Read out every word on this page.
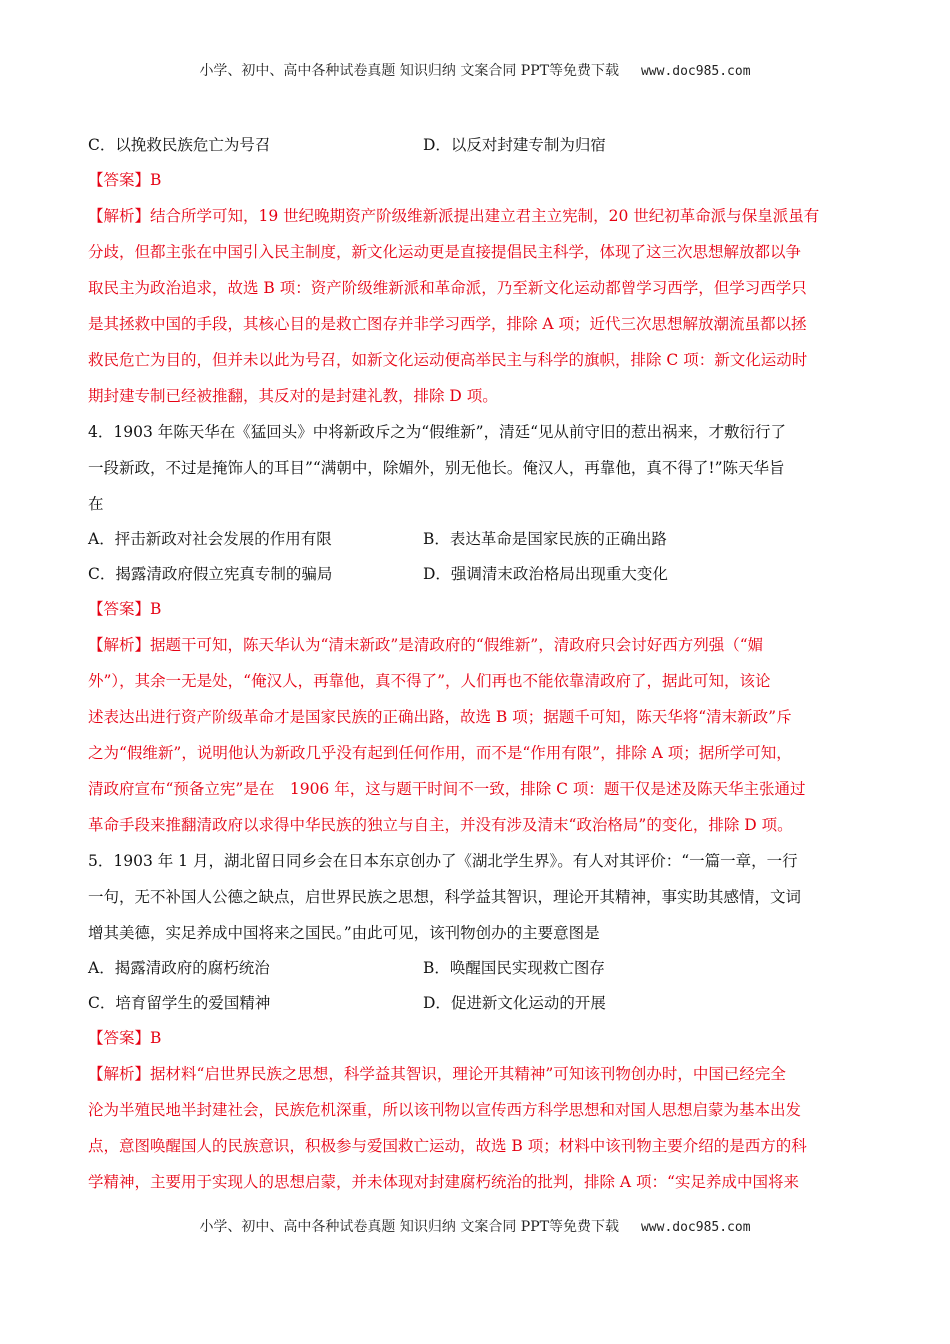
小学、初中、高中各种试卷真题 知识归纳 文案合同 PPT等免费下载 www.doc985.com
C．以挽救民族危亡为号召	D．以反对封建专制为归宿
【答案】B
【解析】结合所学可知，19 世纪晚期资产阶级维新派提出建立君主立宪制，20 世纪初革命派与保皇派虽有
分歧，但都主张在中国引入民主制度，新文化运动更是直接提倡民主科学，体现了这三次思想解放都以争
取民主为政治追求，故选 B 项：资产阶级维新派和革命派，乃至新文化运动都曾学习西学，但学习西学只
是其拯救中国的手段，其核心目的是救亡图存并非学习西学，排除 A 项；近代三次思想解放潮流虽都以拯
救民危亡为目的，但并未以此为号召，如新文化运动便高举民主与科学的旗帜，排除 C 项：新文化运动时
期封建专制已经被推翻，其反对的是封建礼教，排除 D 项。
4．1903 年陈天华在《猛回头》中将新政斥之为“假维新”，清廷“见从前守旧的惹出祸来，才敷衍行了
一段新政，不过是掩饰人的耳目”“满朝中，除媚外，别无他长。俺汉人，再靠他，真不得了!”陈天华旨
在
A．抨击新政对社会发展的作用有限	B．表达革命是国家民族的正确出路
C．揭露清政府假立宪真专制的骗局	D．强调清末政治格局出现重大变化
【答案】B
【解析】据题干可知，陈天华认为“清末新政”是清政府的“假维新”，清政府只会讨好西方列强（“媚
外”），其余一无是处，“俺汉人，再靠他，真不得了”，人们再也不能依靠清政府了，据此可知，该论
述表达出进行资产阶级革命才是国家民族的正确出路，故选 B 项；据题千可知，陈天华将“清末新政”斥
之为“假维新”，说明他认为新政几乎没有起到任何作用，而不是“作用有限”，排除 A 项；据所学可知，
清政府宣布“预备立宪”是在　1906 年，这与题干时间不一致，排除 C 项：题干仅是述及陈天华主张通过
革命手段来推翻清政府以求得中华民族的独立与自主，并没有涉及清末“政治格局”的变化，排除 D 项。
5．1903 年 1 月，湖北留日同乡会在日本东京创办了《湖北学生界》。有人对其评价：“一篇一章，一行
一句，无不补国人公德之缺点，启世界民族之思想，科学益其智识，理论开其精神，事实助其感情，文词
增其美德，实足养成中国将来之国民。”由此可见，该刊物创办的主要意图是
A．揭露清政府的腐朽统治	B．唤醒国民实现救亡图存
C．培育留学生的爱国精神	D．促进新文化运动的开展
【答案】B
【解析】据材料“启世界民族之思想，科学益其智识，理论开其精神”可知该刊物创办时，中国已经完全
沦为半殖民地半封建社会，民族危机深重，所以该刊物以宣传西方科学思想和对国人思想启蒙为基本出发
点，意图唤醒国人的民族意识，积极参与爱国救亡运动，故选 B 项；材料中该刊物主要介绍的是西方的科
学精神，主要用于实现人的思想启蒙，并未体现对封建腐朽统治的批判，排除 A 项：“实足养成中国将来
小学、初中、高中各种试卷真题 知识归纳 文案合同 PPT等免费下载 www.doc985.com
